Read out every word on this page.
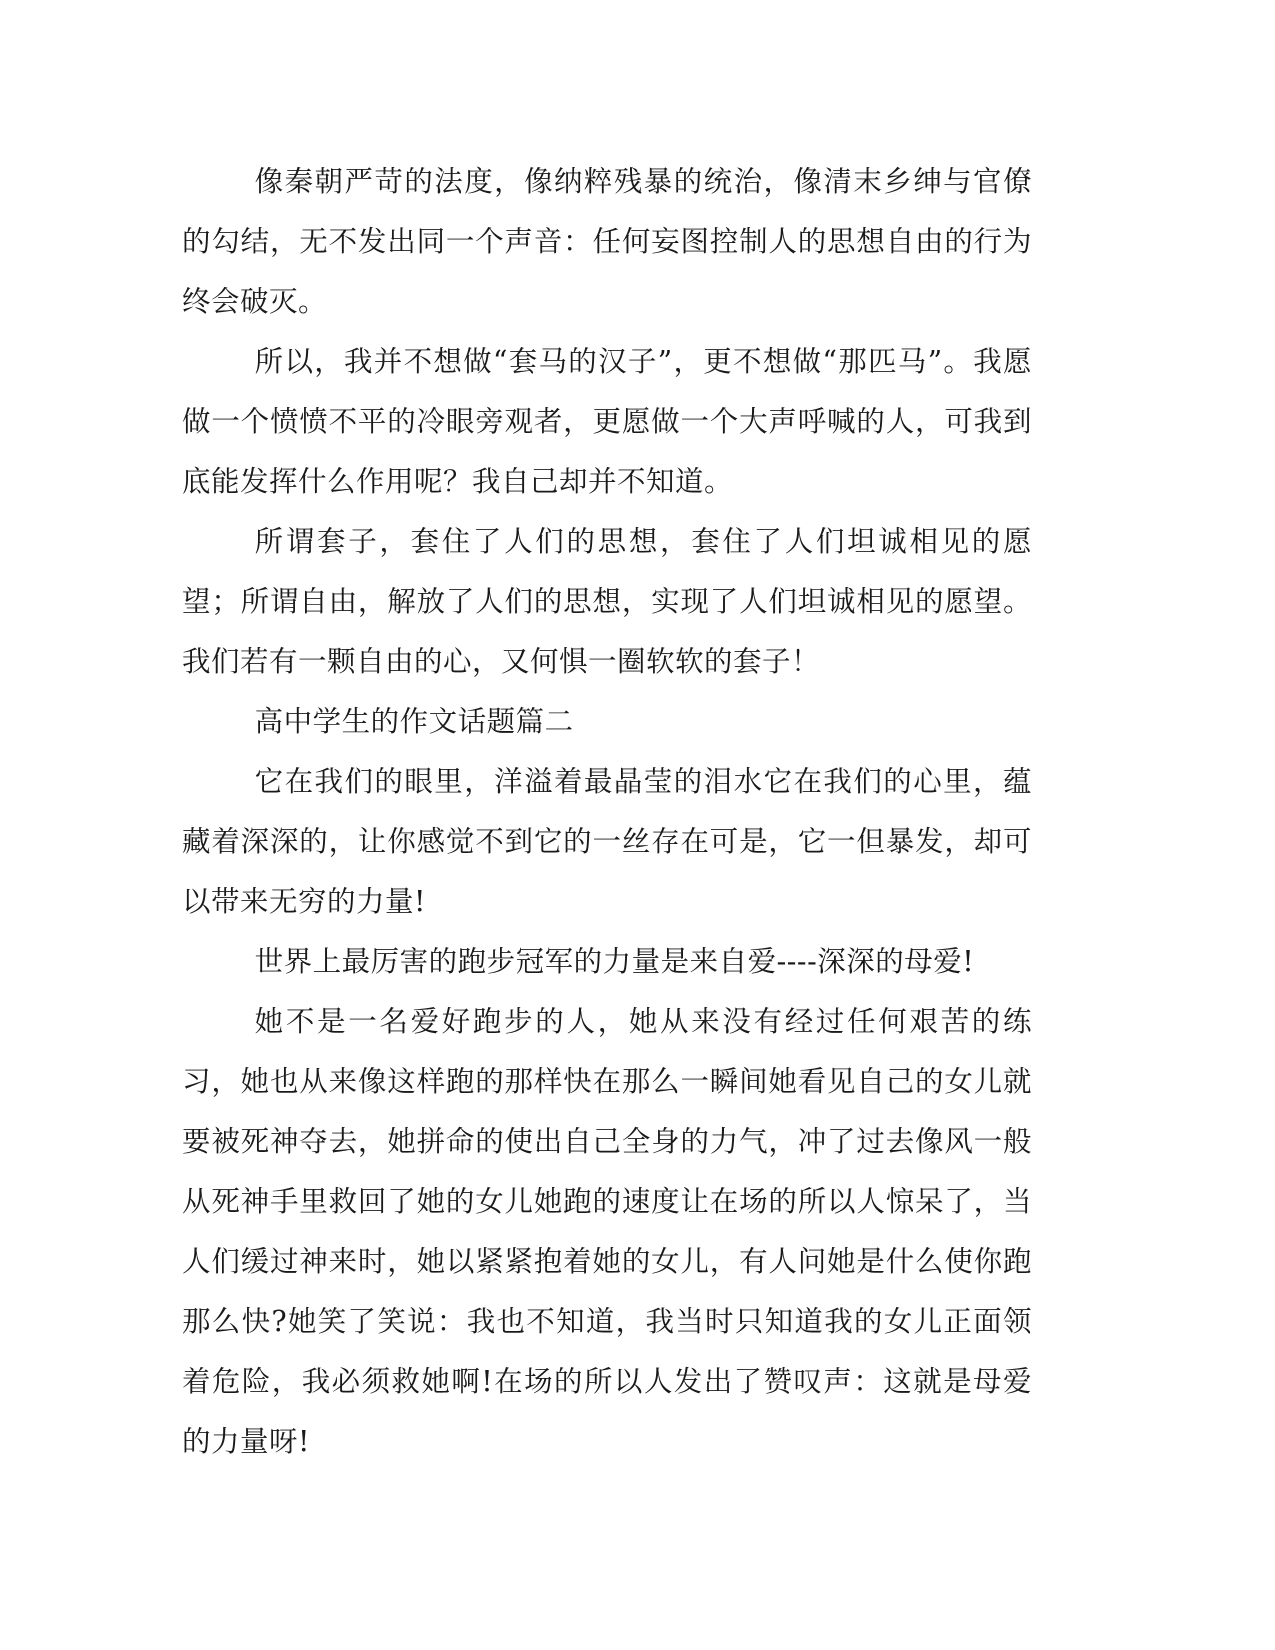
像秦朝严苛的法度，像纳粹残暴的统治，像清末乡绅与官僚的勾结，无不发出同一个声音：任何妄图控制人的思想自由的行为终会破灭。

所以，我并不想做“套马的汉子”，更不想做“那匹马”。我愿做一个愤愤不平的冷眼旁观者，更愿做一个大声呼喊的人，可我到底能发挥什么作用呢？我自己却并不知道。

所谓套子，套住了人们的思想，套住了人们坦诚相见的愿望；所谓自由，解放了人们的思想，实现了人们坦诚相见的愿望。我们若有一颗自由的心，又何惧一圈软软的套子！

高中学生的作文话题篇二

它在我们的眼里，洋溢着最晶莹的泪水它在我们的心里，蕴藏着深深的，让你感觉不到它的一丝存在可是，它一但暴发，却可以带来无穷的力量!

世界上最厉害的跑步冠军的力量是来自爱----深深的母爱!

她不是一名爱好跑步的人，她从来没有经过任何艰苦的练习，她也从来像这样跑的那样快在那么一瞬间她看见自己的女儿就要被死神夺去，她拼命的使出自己全身的力气，冲了过去像风一般从死神手里救回了她的女儿她跑的速度让在场的所以人惊呆了，当人们缓过神来时，她以紧紧抱着她的女儿，有人问她是什么使你跑那么快?她笑了笑说：我也不知道，我当时只知道我的女儿正面领着危险，我必须救她啊!在场的所以人发出了赞叹声：这就是母爱的力量呀!
